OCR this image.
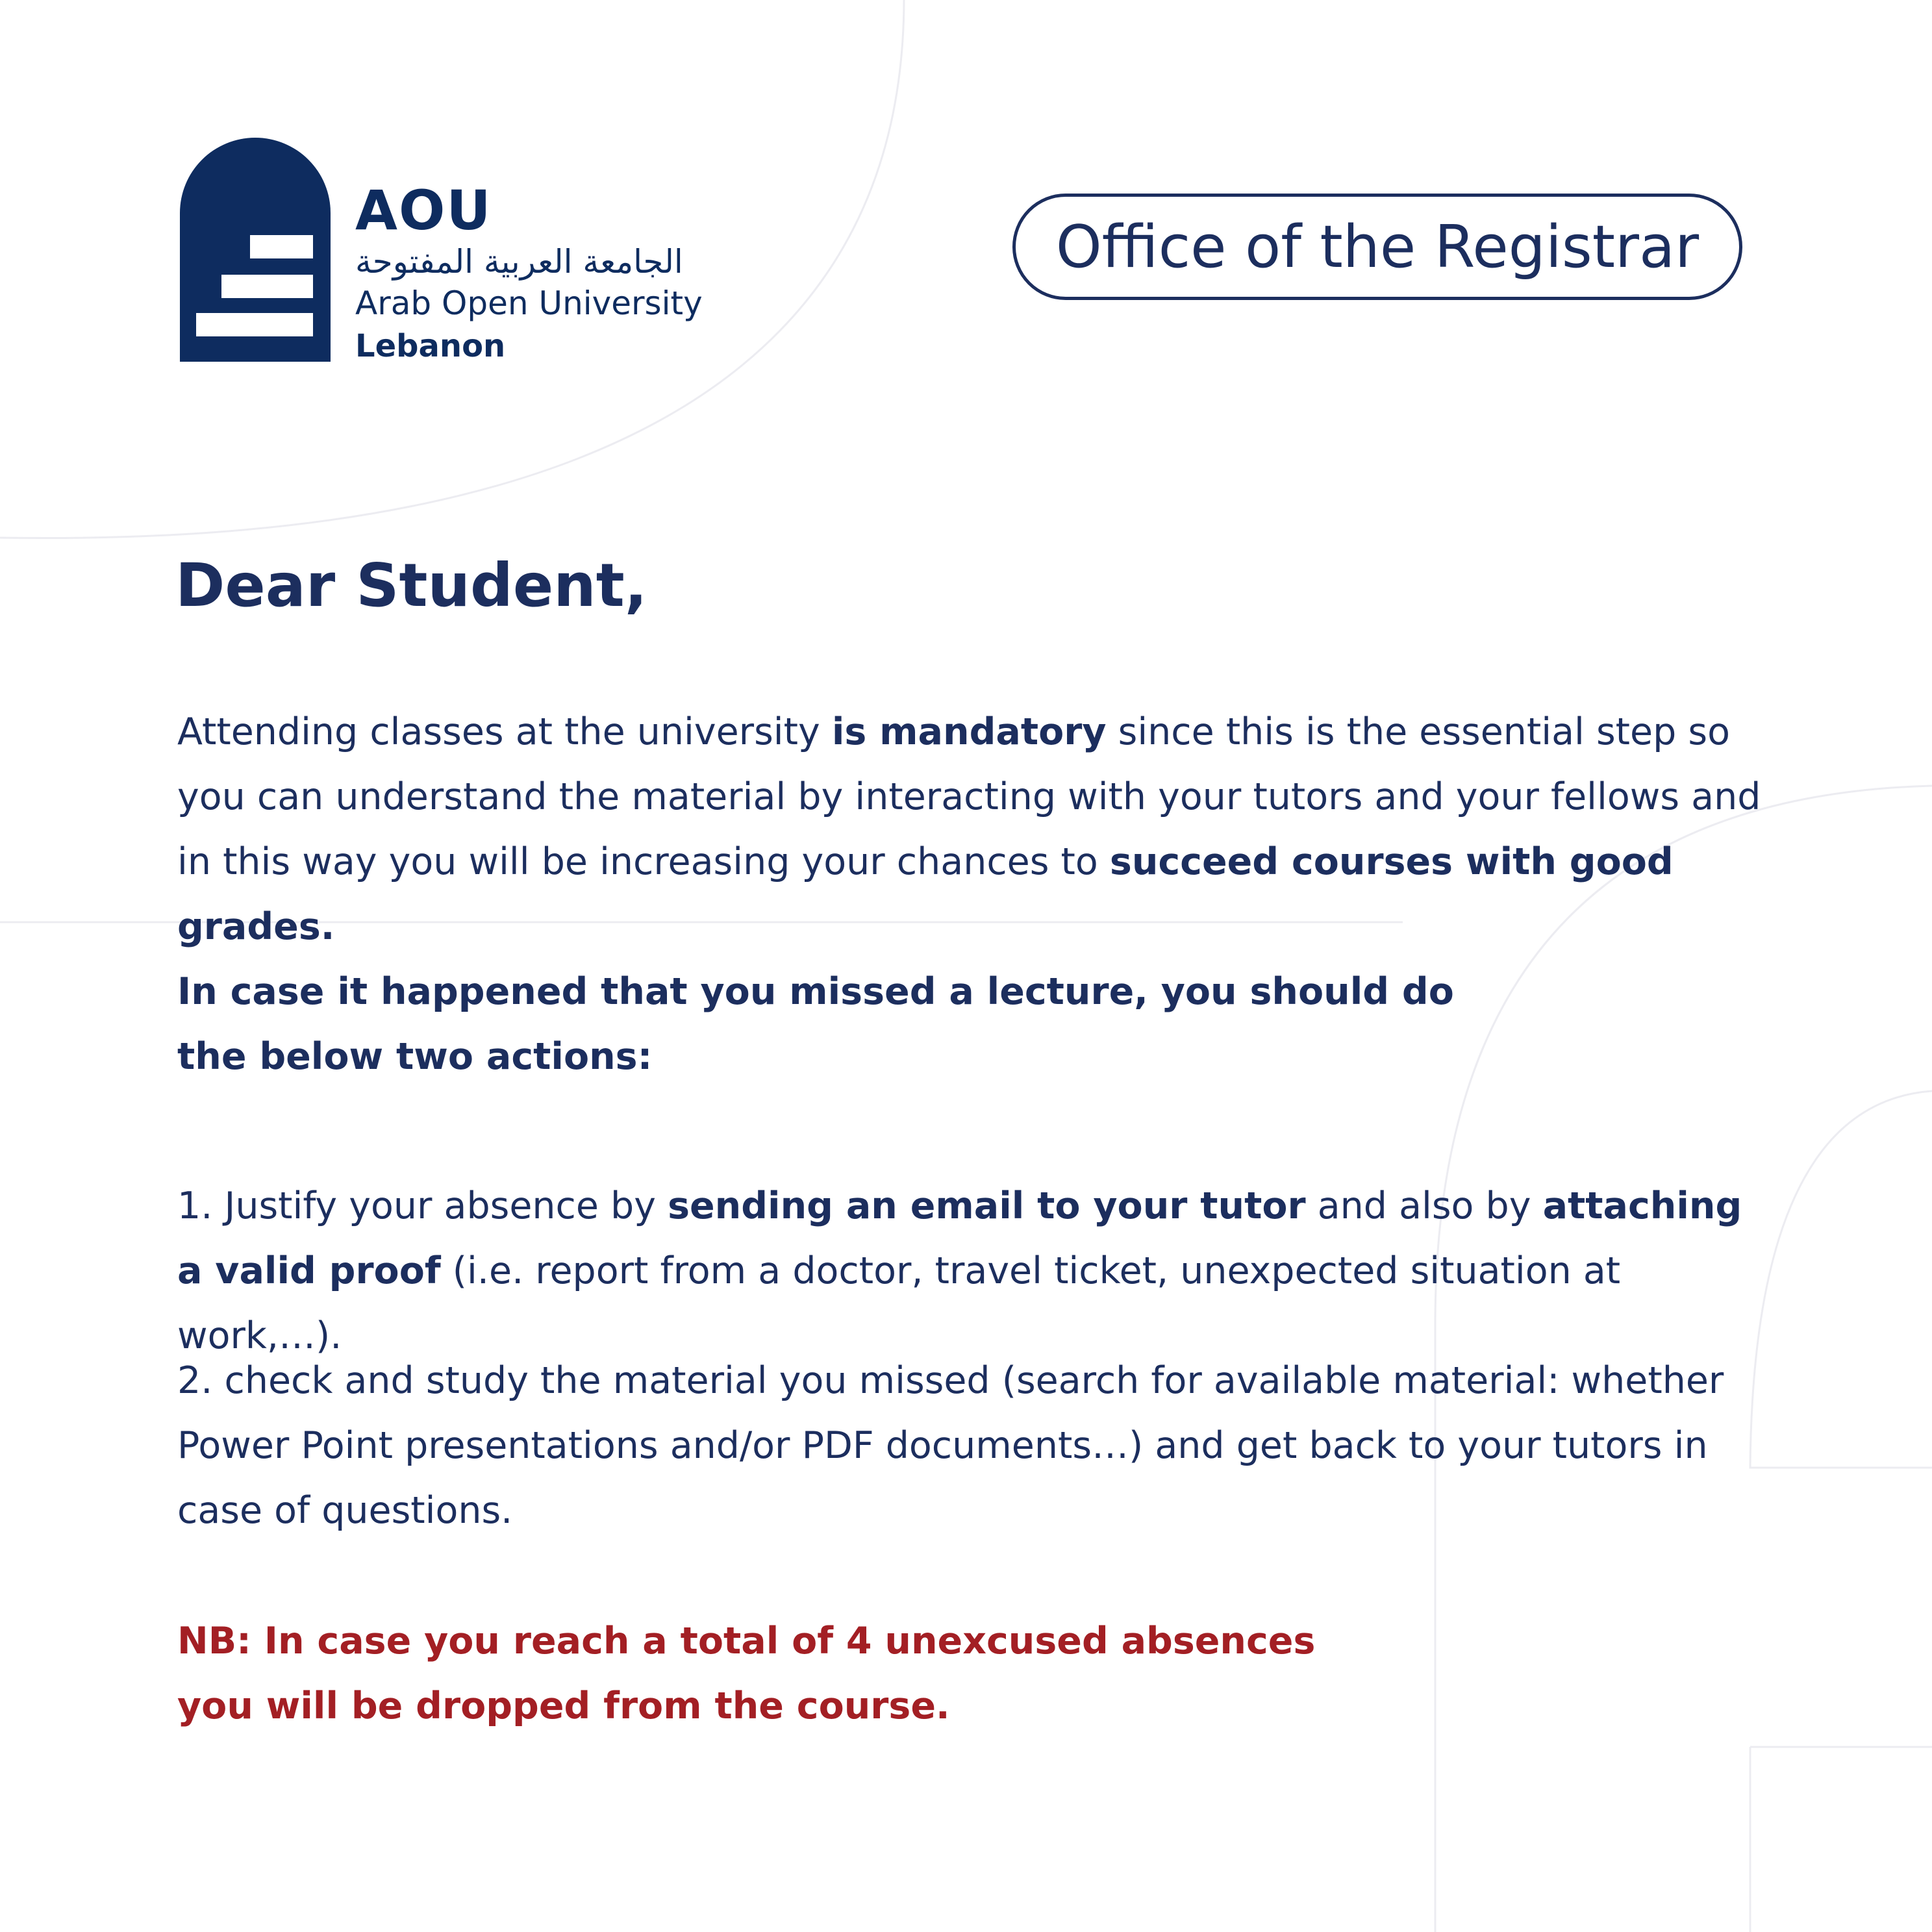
AOU
الجامعة العربية المفتوحة
Arab Open University
Lebanon
Office of the Registrar
Dear Student,

Attending classes at the university is mandatory since this is the essential step so you can understand the material by interacting with your tutors and your fellows and in this way you will be increasing your chances to succeed courses with good grades.

In case it happened that you missed a lecture, you should do
the below two actions:

1. Justify your absence by sending an email to your tutor and also by attaching a valid proof (i.e. report from a doctor, travel ticket, unexpected situation at work,…).

2. check and study the material you missed (search for available material: whether Power Point presentations and/or PDF documents…) and get back to your tutors in case of questions.

NB: In case you reach a total of 4 unexcused absences
you will be dropped from the course.
